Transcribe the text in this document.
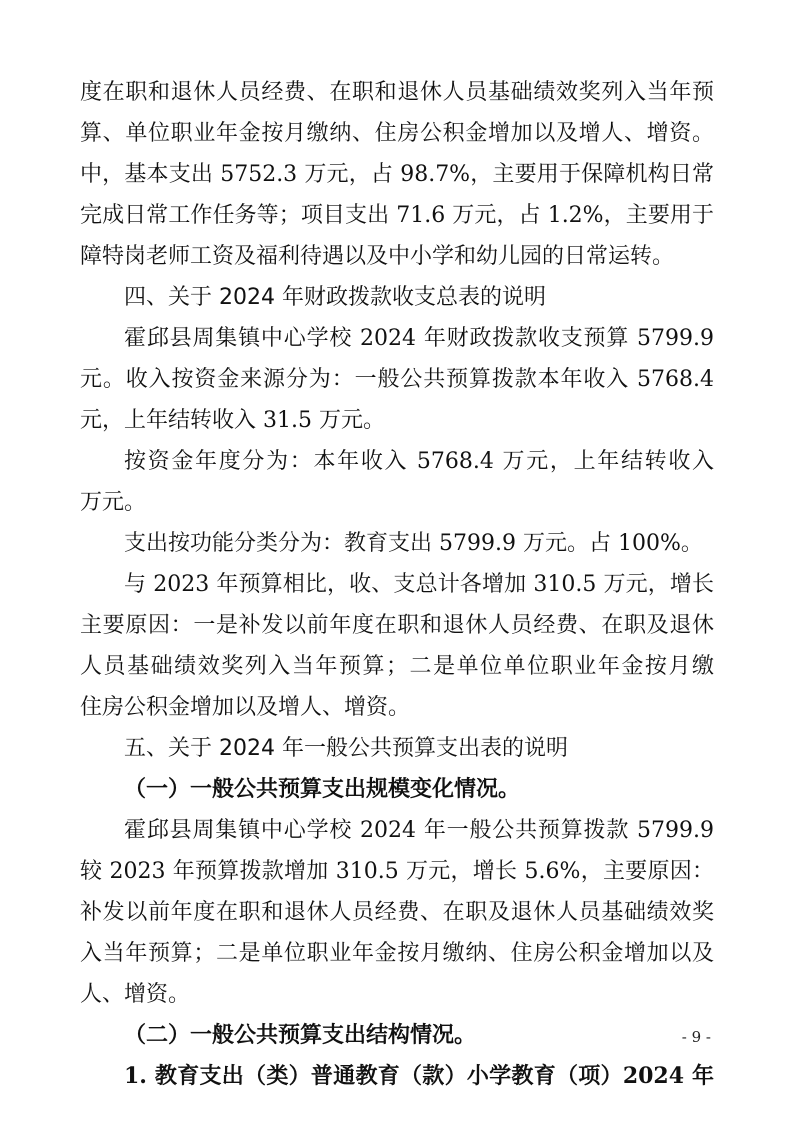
度在职和退休人员经费、在职和退休人员基础绩效奖列入当年预
算、单位职业年金按月缴纳、住房公积金增加以及增人、增资。
中，基本支出 5752.3 万元，占 98.7%，主要用于保障机构日常
完成日常工作任务等；项目支出 71.6 万元，占 1.2%，主要用于
障特岗老师工资及福利待遇以及中小学和幼儿园的日常运转。
四、关于 2024 年财政拨款收支总表的说明
霍邱县周集镇中心学校 2024 年财政拨款收支预算 5799.9
元。收入按资金来源分为：一般公共预算拨款本年收入 5768.4
元，上年结转收入 31.5 万元。
按资金年度分为：本年收入 5768.4 万元，上年结转收入
万元。
支出按功能分类分为：教育支出 5799.9 万元。占 100%。
与 2023 年预算相比，收、支总计各增加 310.5 万元，增长
主要原因：一是补发以前年度在职和退休人员经费、在职及退休
人员基础绩效奖列入当年预算；二是单位单位职业年金按月缴
住房公积金增加以及增人、增资。
五、关于 2024 年一般公共预算支出表的说明
（一）一般公共预算支出规模变化情况。
霍邱县周集镇中心学校 2024 年一般公共预算拨款 5799.9
较 2023 年预算拨款增加 310.5 万元，增长 5.6%，主要原因：
补发以前年度在职和退休人员经费、在职及退休人员基础绩效奖
入当年预算；二是单位职业年金按月缴纳、住房公积金增加以及
人、增资。
（二）一般公共预算支出结构情况。
1. 教育支出（类）普通教育（款）小学教育（项）2024 年
- 9 -
